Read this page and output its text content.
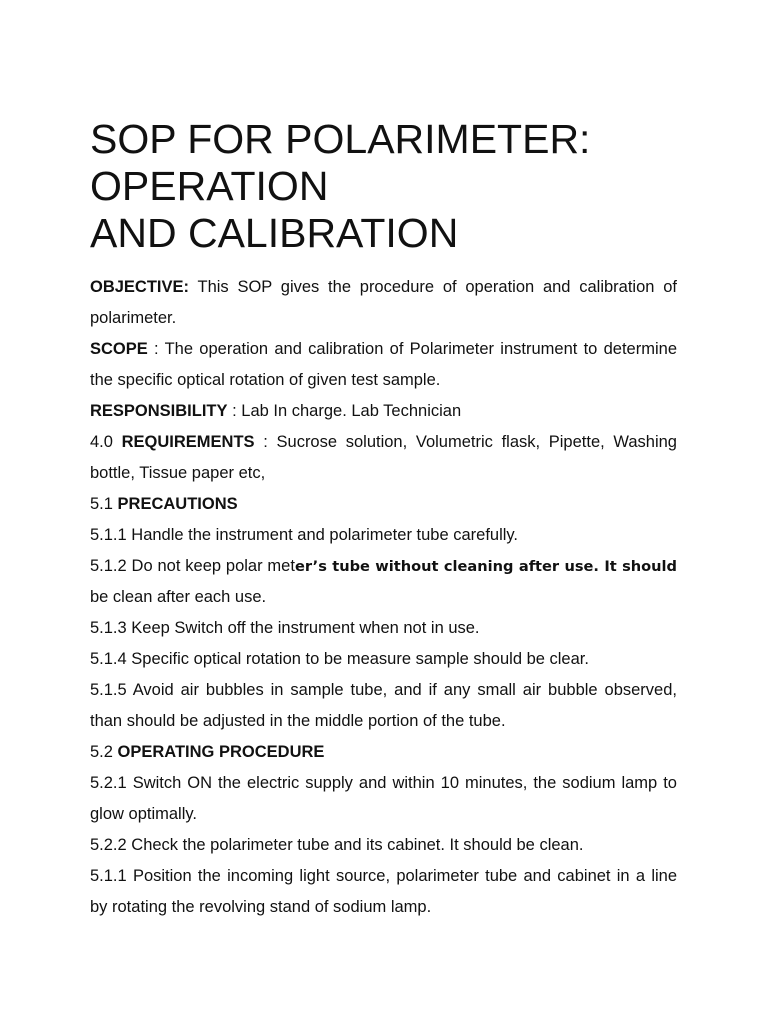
SOP FOR POLARIMETER:
OPERATION
AND CALIBRATION

OBJECTIVE: This SOP gives the procedure of operation and calibration of polarimeter.

SCOPE : The operation and calibration of Polarimeter instrument to determine the specific optical rotation of given test sample.

RESPONSIBILITY : Lab In charge. Lab Technician

4.0 REQUIREMENTS : Sucrose solution, Volumetric flask, Pipette, Washing bottle, Tissue paper etc,

5.1 PRECAUTIONS

5.1.1 Handle the instrument and polarimeter tube carefully.

5.1.2 Do not keep polar meter’s tube without cleaning after use. It should be clean after each use.

5.1.3 Keep Switch off the instrument when not in use.

5.1.4 Specific optical rotation to be measure sample should be clear.

5.1.5 Avoid air bubbles in sample tube, and if any small air bubble observed, than should be adjusted in the middle portion of the tube.

5.2 OPERATING PROCEDURE

5.2.1 Switch ON the electric supply and within 10 minutes, the sodium lamp to glow optimally.

5.2.2 Check the polarimeter tube and its cabinet. It should be clean.

5.1.1 Position the incoming light source, polarimeter tube and cabinet in a line by rotating the revolving stand of sodium lamp.
